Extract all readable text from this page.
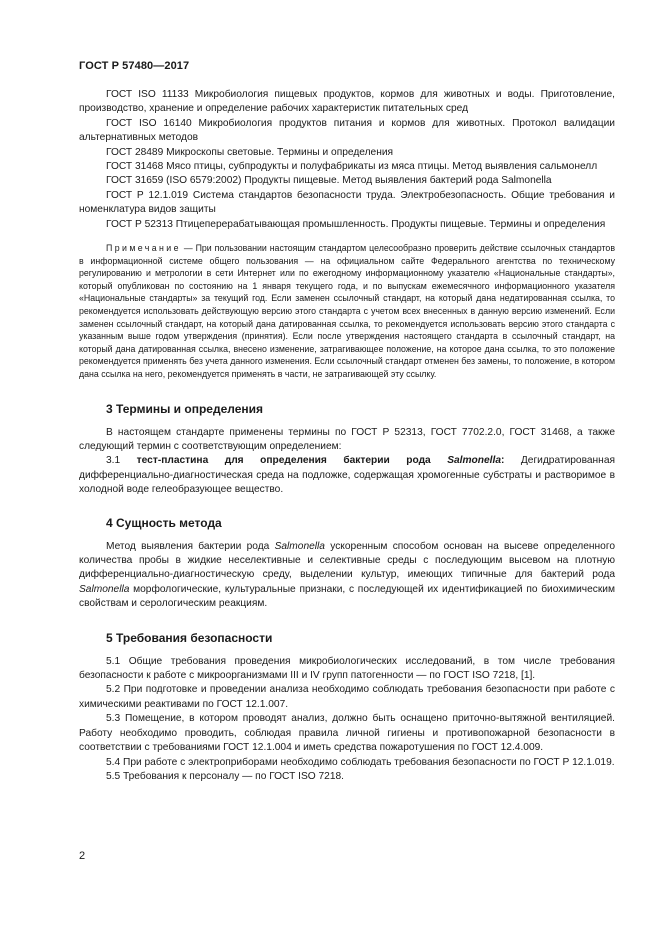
ГОСТ Р 57480—2017

ГОСТ ISO 11133 Микробиология пищевых продуктов, кормов для животных и воды. Приготовление, производство, хранение и определение рабочих характеристик питательных сред

ГОСТ ISO 16140 Микробиология продуктов питания и кормов для животных. Протокол валидации альтернативных методов

ГОСТ 28489 Микроскопы световые. Термины и определения

ГОСТ 31468 Мясо птицы, субпродукты и полуфабрикаты из мяса птицы. Метод выявления сальмонелл

ГОСТ 31659 (ISO 6579:2002) Продукты пищевые. Метод выявления бактерий рода Salmonella

ГОСТ Р 12.1.019 Система стандартов безопасности труда. Электробезопасность. Общие требования и номенклатура видов защиты

ГОСТ Р 52313 Птицеперерабатывающая промышленность. Продукты пищевые. Термины и определения

Примечание — При пользовании настоящим стандартом целесообразно проверить действие ссылочных стандартов в информационной системе общего пользования — на официальном сайте Федерального агентства по техническому регулированию и метрологии в сети Интернет или по ежегодному информационному указателю «Национальные стандарты», который опубликован по состоянию на 1 января текущего года, и по выпускам ежемесячного информационного указателя «Национальные стандарты» за текущий год. Если заменен ссылочный стандарт, на который дана недатированная ссылка, то рекомендуется использовать действующую версию этого стандарта с учетом всех внесенных в данную версию изменений. Если заменен ссылочный стандарт, на который дана датированная ссылка, то рекомендуется использовать версию этого стандарта с указанным выше годом утверждения (принятия). Если после утверждения настоящего стандарта в ссылочный стандарт, на который дана датированная ссылка, внесено изменение, затрагивающее положение, на которое дана ссылка, то это положение рекомендуется применять без учета данного изменения. Если ссылочный стандарт отменен без замены, то положение, в котором дана ссылка на него, рекомендуется применять в части, не затрагивающей эту ссылку.

3 Термины и определения

В настоящем стандарте применены термины по ГОСТ Р 52313, ГОСТ 7702.2.0, ГОСТ 31468, а также следующий термин с соответствующим определением:

3.1 тест-пластина для определения бактерии рода Salmonella: Дегидратированная дифференциально-диагностическая среда на подложке, содержащая хромогенные субстраты и растворимое в холодной воде гелеобразующее вещество.

4 Сущность метода

Метод выявления бактерии рода Salmonella ускоренным способом основан на высеве определенного количества пробы в жидкие неселективные и селективные среды с последующим высевом на плотную дифференциально-диагностическую среду, выделении культур, имеющих типичные для бактерий рода Salmonella морфологические, культуральные признаки, с последующей их идентификацией по биохимическим свойствам и серологическим реакциям.

5 Требования безопасности

5.1 Общие требования проведения микробиологических исследований, в том числе требования безопасности к работе с микроорганизмами III и IV групп патогенности — по ГОСТ ISO 7218, [1].

5.2 При подготовке и проведении анализа необходимо соблюдать требования безопасности при работе с химическими реактивами по ГОСТ 12.1.007.

5.3 Помещение, в котором проводят анализ, должно быть оснащено приточно-вытяжной вентиляцией. Работу необходимо проводить, соблюдая правила личной гигиены и противопожарной безопасности в соответствии с требованиями ГОСТ 12.1.004 и иметь средства пожаротушения по ГОСТ 12.4.009.

5.4 При работе с электроприборами необходимо соблюдать требования безопасности по ГОСТ Р 12.1.019.

5.5 Требования к персоналу — по ГОСТ ISO 7218.

2
